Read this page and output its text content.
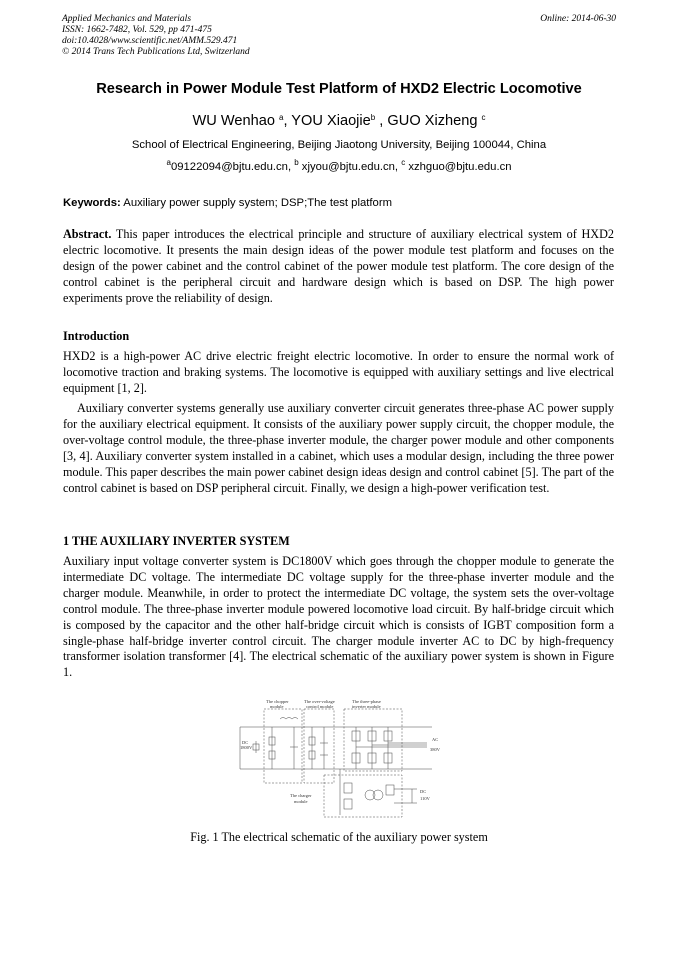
Applied Mechanics and Materials
ISSN: 1662-7482, Vol. 529, pp 471-475
doi:10.4028/www.scientific.net/AMM.529.471
© 2014 Trans Tech Publications Ltd, Switzerland
Online: 2014-06-30
Research in Power Module Test Platform of HXD2 Electric Locomotive
WU Wenhao $^a$, YOU Xiaojie$^b$ , GUO Xizheng $^c$
School of Electrical Engineering, Beijing Jiaotong University, Beijing 100044, China
$^a$09122094@bjtu.edu.cn, $^b$ xjyou@bjtu.edu.cn, $^c$ xzhguo@bjtu.edu.cn
Keywords: Auxiliary power supply system; DSP;The test platform
Abstract. This paper introduces the electrical principle and structure of auxiliary electrical system of HXD2 electric locomotive. It presents the main design ideas of the power module test platform and focuses on the design of the power cabinet and the control cabinet of the power module test platform. The core design of the control cabinet is the peripheral circuit and hardware design which is based on DSP. The high power experiments prove the reliability of design.
Introduction
HXD2 is a high-power AC drive electric freight electric locomotive. In order to ensure the normal work of locomotive traction and braking systems. The locomotive is equipped with auxiliary settings and live electrical equipment [1, 2].
Auxiliary converter systems generally use auxiliary converter circuit generates three-phase AC power supply for the auxiliary electrical equipment. It consists of the auxiliary power supply circuit, the chopper module, the over-voltage control module, the three-phase inverter module, the charger power module and other components [3, 4]. Auxiliary converter system installed in a cabinet, which uses a modular design, including the three power module. This paper describes the main power cabinet design ideas design and control cabinet [5]. The part of the control cabinet is based on DSP peripheral circuit. Finally, we design a high-power verification test.
1 THE AUXILIARY INVERTER SYSTEM
Auxiliary input voltage converter system is DC1800V which goes through the chopper module to generate the intermediate DC voltage. The intermediate DC voltage supply for the three-phase inverter module and the charger module. Meanwhile, in order to protect the intermediate DC voltage, the system sets the over-voltage control module. The three-phase inverter module powered locomotive load circuit. By half-bridge circuit which is composed by the capacitor and the other half-bridge circuit which is consists of IGBT composition form a single-phase half-bridge inverter control circuit. The charger module inverter AC to DC by high-frequency transformer isolation transformer [4]. The electrical schematic of the auxiliary power system is shown in Figure 1.
The chopper
module
The over-voltage
control module
The three-phase
inverter module
DC
1800V
AC
380V
The charger
module
DC
110V
Fig. 1 The electrical schematic of the auxiliary power system
